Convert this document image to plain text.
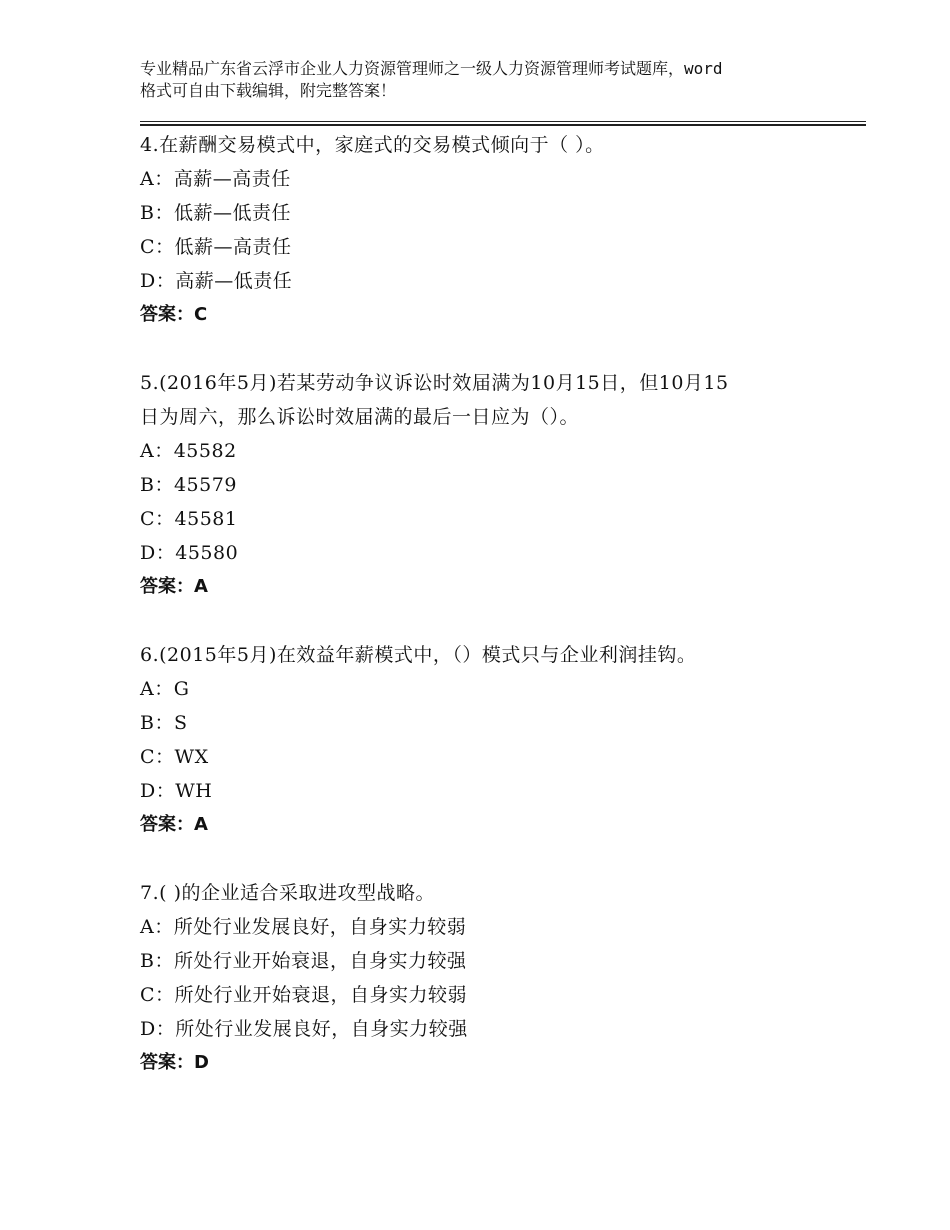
专业精品广东省云浮市企业人力资源管理师之一级人力资源管理师考试题库，word
格式可自由下载编辑，附完整答案！
4.在薪酬交易模式中，家庭式的交易模式倾向于（ ）。
A：高薪—高责任
B：低薪—低责任
C：低薪—高责任
D：高薪—低责任
答案：C
5.(2016年5月)若某劳动争议诉讼时效届满为10月15日，但10月15
日为周六，那么诉讼时效届满的最后一日应为（）。
A：45582
B：45579
C：45581
D：45580
答案：A
6.(2015年5月)在效益年薪模式中，（）模式只与企业利润挂钩。
A：G
B：S
C：WX
D：WH
答案：A
7.( )的企业适合采取进攻型战略。
A：所处行业发展良好，自身实力较弱
B：所处行业开始衰退，自身实力较强
C：所处行业开始衰退，自身实力较弱
D：所处行业发展良好，自身实力较强
答案：D
